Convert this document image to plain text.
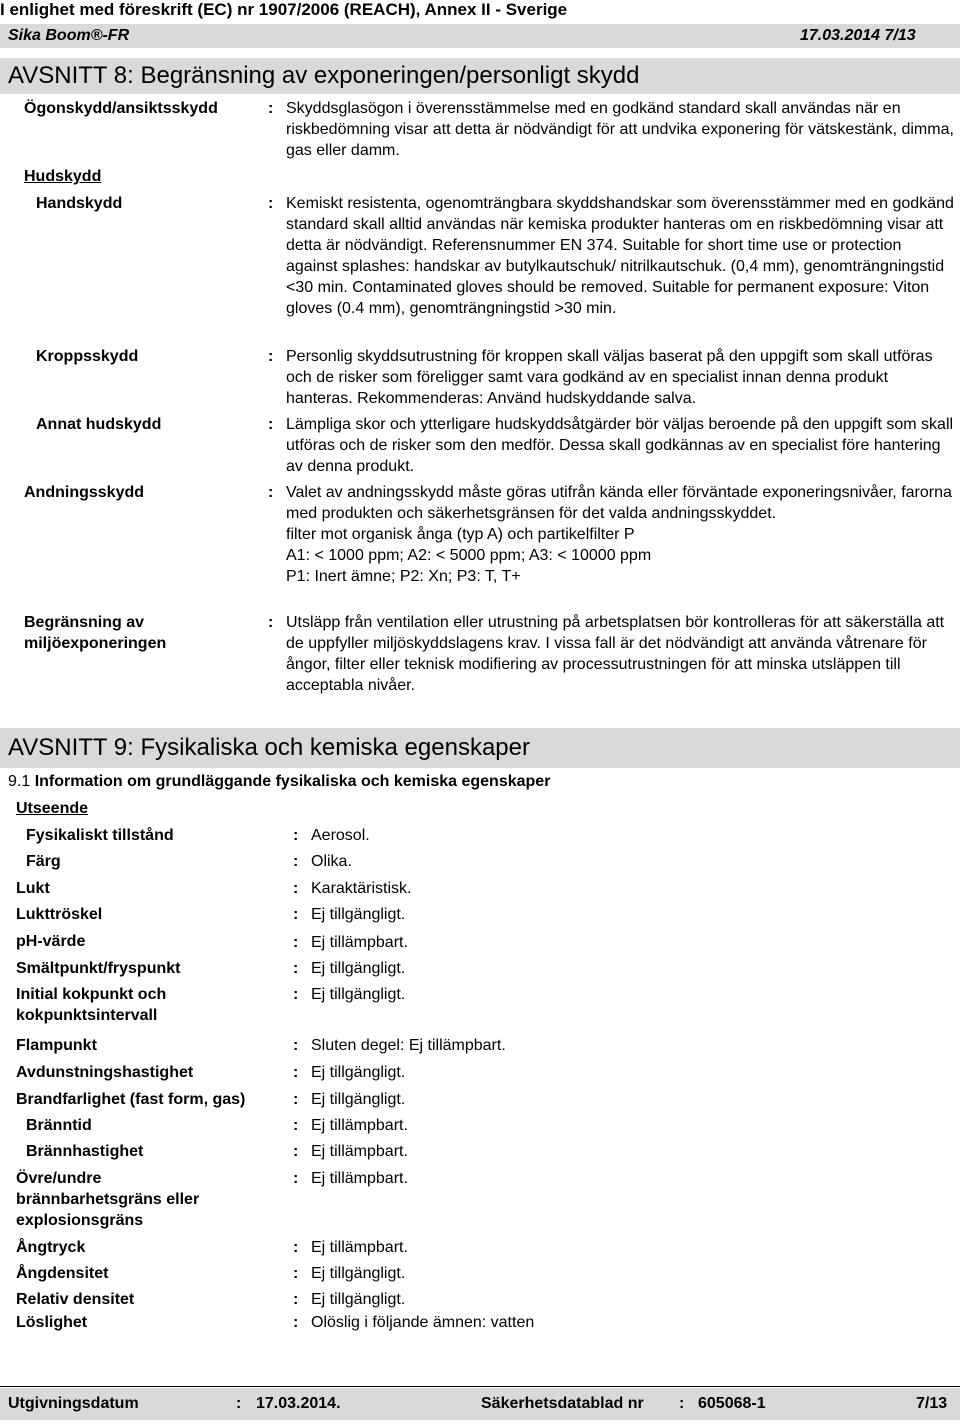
I enlighet med föreskrift (EC) nr 1907/2006 (REACH), Annex II - Sverige
Sika Boom®-FR	17.03.2014 7/13
AVSNITT 8: Begränsning av exponeringen/personligt skydd
Ögonskydd/ansiktsskydd	: Skyddsglasögon i överensstämmelse med en godkänd standard skall användas när en riskbedömning visar att detta är nödvändigt för att undvika exponering för vätskestänk, dimma, gas eller damm.
Hudskydd
Handskydd	: Kemiskt resistenta, ogenomträngbara skyddshandskar som överensstämmer med en godkänd standard skall alltid användas när kemiska produkter hanteras om en riskbedömning visar att detta är nödvändigt. Referensnummer EN 374. Suitable for short time use or protection against splashes: handskar av butylkautschuk/ nitrilkautschuk. (0,4 mm), genomträngningstid <30 min. Contaminated gloves should be removed. Suitable for permanent exposure: Viton gloves (0.4 mm), genomträngningstid >30 min.
Kroppsskydd	: Personlig skyddsutrustning för kroppen skall väljas baserat på den uppgift som skall utföras och de risker som föreligger samt vara godkänd av en specialist innan denna produkt hanteras. Rekommenderas: Använd hudskyddande salva.
Annat hudskydd	: Lämpliga skor och ytterligare hudskyddsåtgärder bör väljas beroende på den uppgift som skall utföras och de risker som den medför. Dessa skall godkännas av en specialist före hantering av denna produkt.
Andningsskydd	: Valet av andningsskydd måste göras utifrån kända eller förväntade exponeringsnivåer, farorna med produkten och säkerhetsgränsen för det valda andningsskyddet.
filter mot organisk ånga (typ A) och partikelfilter P
A1: < 1000 ppm; A2: < 5000 ppm; A3: < 10000 ppm
P1: Inert ämne; P2: Xn; P3: T, T+
Begränsning av
miljöexponeringen
: Utsläpp från ventilation eller utrustning på arbetsplatsen bör kontrolleras för att säkerställa att de uppfyller miljöskyddslagens krav. I vissa fall är det nödvändigt att använda våtrenare för ångor, filter eller teknisk modifiering av processutrustningen för att minska utsläppen till acceptabla nivåer.
AVSNITT 9: Fysikaliska och kemiska egenskaper
9.1 Information om grundläggande fysikaliska och kemiska egenskaper
Utseende
Fysikaliskt tillstånd	: Aerosol.
Färg	: Olika.
Lukt	: Karaktäristisk.
Lukttröskel	: Ej tillgängligt.
pH-värde	: Ej tillämpbart.
Smältpunkt/fryspunkt	: Ej tillgängligt.
Initial kokpunkt och
kokpunktsintervall
: Ej tillgängligt.
Flampunkt	: Sluten degel: Ej tillämpbart.
Avdunstningshastighet	: Ej tillgängligt.
Brandfarlighet (fast form, gas)	: Ej tillgängligt.
Bränntid	: Ej tillämpbart.
Brännhastighet	: Ej tillämpbart.
Övre/undre
brännbarhetsgräns eller
explosionsgräns
: Ej tillämpbart.
Ångtryck	: Ej tillämpbart.
Ångdensitet	: Ej tillgängligt.
Relativ densitet	: Ej tillgängligt.
Löslighet	: Olöslig i följande ämnen: vatten
Utgivningsdatum	: 17.03.2014.	Säkerhetsdatablad nr : 605068-1	7/13
